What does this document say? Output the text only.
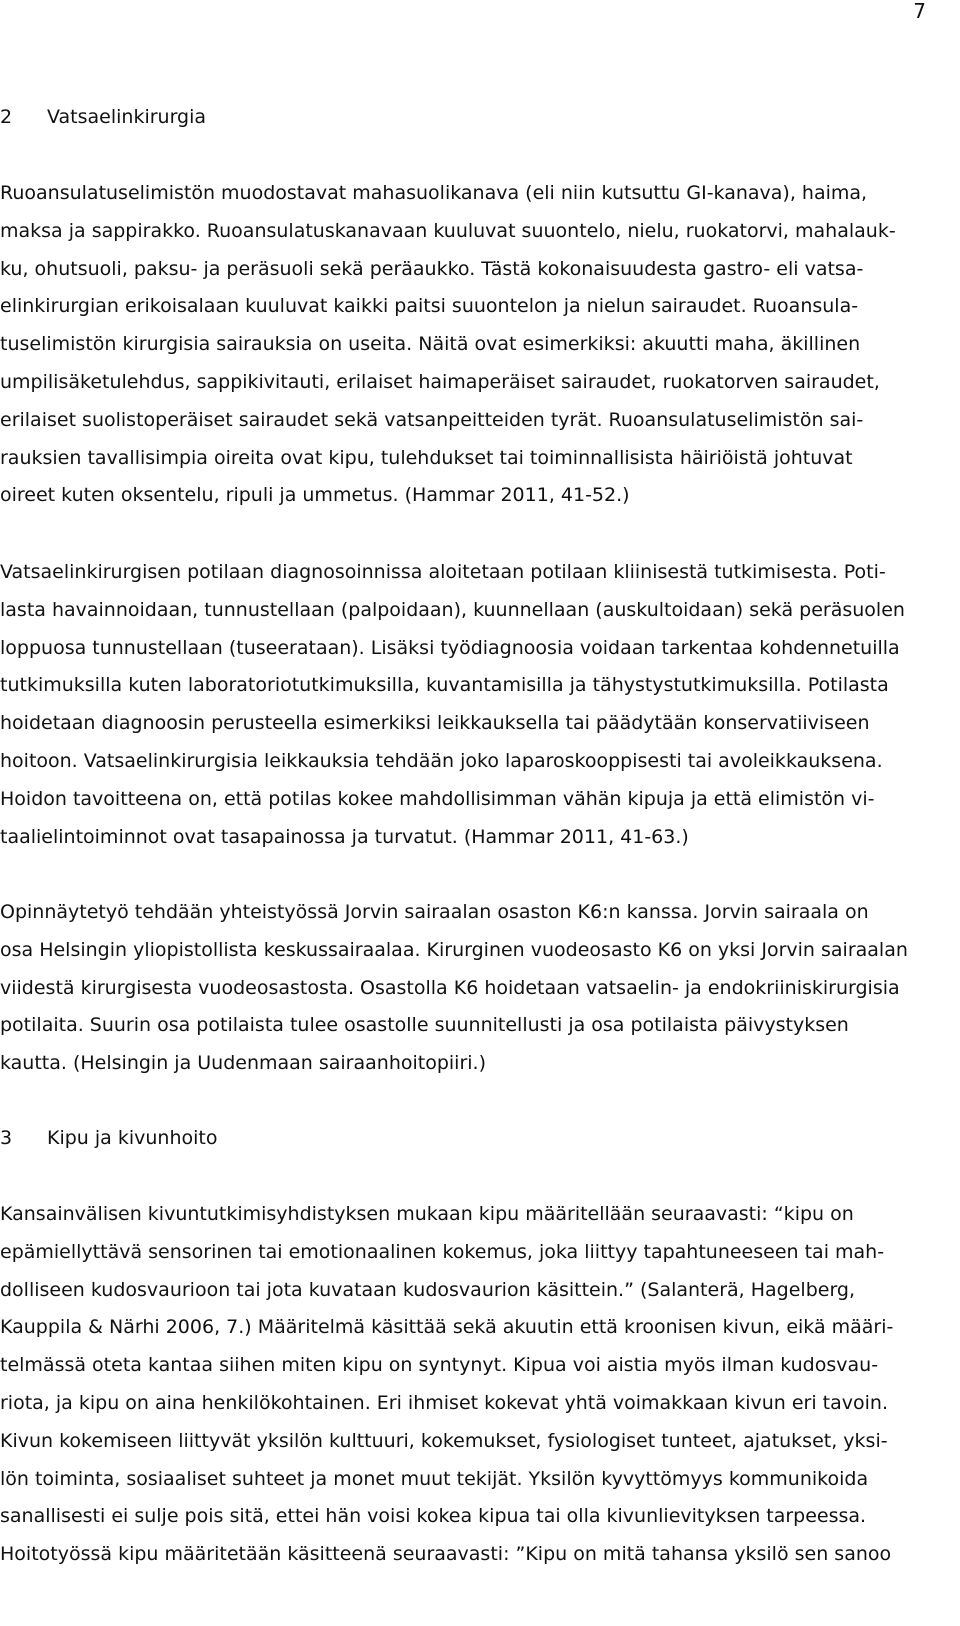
7
2 Vatsaelinkirurgia
Ruoansulatuselimistön muodostavat mahasuolikanava (eli niin kutsuttu GI-kanava), haima,
maksa ja sappirakko. Ruoansulatuskanavaan kuuluvat suuontelo, nielu, ruokatorvi, mahalauk-
ku, ohutsuoli, paksu- ja peräsuoli sekä peräaukko. Tästä kokonaisuudesta gastro- eli vatsa-
elinkirurgian erikoisalaan kuuluvat kaikki paitsi suuontelon ja nielun sairaudet. Ruoansula-
tuselimistön kirurgisia sairauksia on useita. Näitä ovat esimerkiksi: akuutti maha, äkillinen
umpilisäketulehdus, sappikivitauti, erilaiset haimaperäiset sairaudet, ruokatorven sairaudet,
erilaiset suolistoperäiset sairaudet sekä vatsanpeitteiden tyrät. Ruoansulatuselimistön sai-
rauksien tavallisimpia oireita ovat kipu, tulehdukset tai toiminnallisista häiriöistä johtuvat
oireet kuten oksentelu, ripuli ja ummetus. (Hammar 2011, 41-52.)
Vatsaelinkirurgisen potilaan diagnosoinnissa aloitetaan potilaan kliinisestä tutkimisesta. Poti-
lasta havainnoidaan, tunnustellaan (palpoidaan), kuunnellaan (auskultoidaan) sekä peräsuolen
loppuosa tunnustellaan (tuseerataan). Lisäksi työdiagnoosia voidaan tarkentaa kohdennetuilla
tutkimuksilla kuten laboratoriotutkimuksilla, kuvantamisilla ja tähystystutkimuksilla. Potilasta
hoidetaan diagnoosin perusteella esimerkiksi leikkauksella tai päädytään konservatiiviseen
hoitoon. Vatsaelinkirurgisia leikkauksia tehdään joko laparoskooppisesti tai avoleikkauksena.
Hoidon tavoitteena on, että potilas kokee mahdollisimman vähän kipuja ja että elimistön vi-
taalielintoiminnot ovat tasapainossa ja turvatut. (Hammar 2011, 41-63.)
Opinnäytetyö tehdään yhteistyössä Jorvin sairaalan osaston K6:n kanssa. Jorvin sairaala on
osa Helsingin yliopistollista keskussairaalaa. Kirurginen vuodeosasto K6 on yksi Jorvin sairaalan
viidestä kirurgisesta vuodeosastosta. Osastolla K6 hoidetaan vatsaelin- ja endokriiniskirurgisia
potilaita. Suurin osa potilaista tulee osastolle suunnitellusti ja osa potilaista päivystyksen
kautta. (Helsingin ja Uudenmaan sairaanhoitopiiri.)
3 Kipu ja kivunhoito
Kansainvälisen kivuntutkimisyhdistyksen mukaan kipu määritellään seuraavasti: “kipu on
epämiellyttävä sensorinen tai emotionaalinen kokemus, joka liittyy tapahtuneeseen tai mah-
dolliseen kudosvaurioon tai jota kuvataan kudosvaurion käsittein.” (Salanterä, Hagelberg,
Kauppila & Närhi 2006, 7.) Määritelmä käsittää sekä akuutin että kroonisen kivun, eikä määri-
telmässä oteta kantaa siihen miten kipu on syntynyt. Kipua voi aistia myös ilman kudosvau-
riota, ja kipu on aina henkilökohtainen. Eri ihmiset kokevat yhtä voimakkaan kivun eri tavoin.
Kivun kokemiseen liittyvät yksilön kulttuuri, kokemukset, fysiologiset tunteet, ajatukset, yksi-
lön toiminta, sosiaaliset suhteet ja monet muut tekijät. Yksilön kyvyttömyys kommunikoida
sanallisesti ei sulje pois sitä, ettei hän voisi kokea kipua tai olla kivunlievityksen tarpeessa.
Hoitotyössä kipu määritetään käsitteenä seuraavasti: ”Kipu on mitä tahansa yksilö sen sanoo
